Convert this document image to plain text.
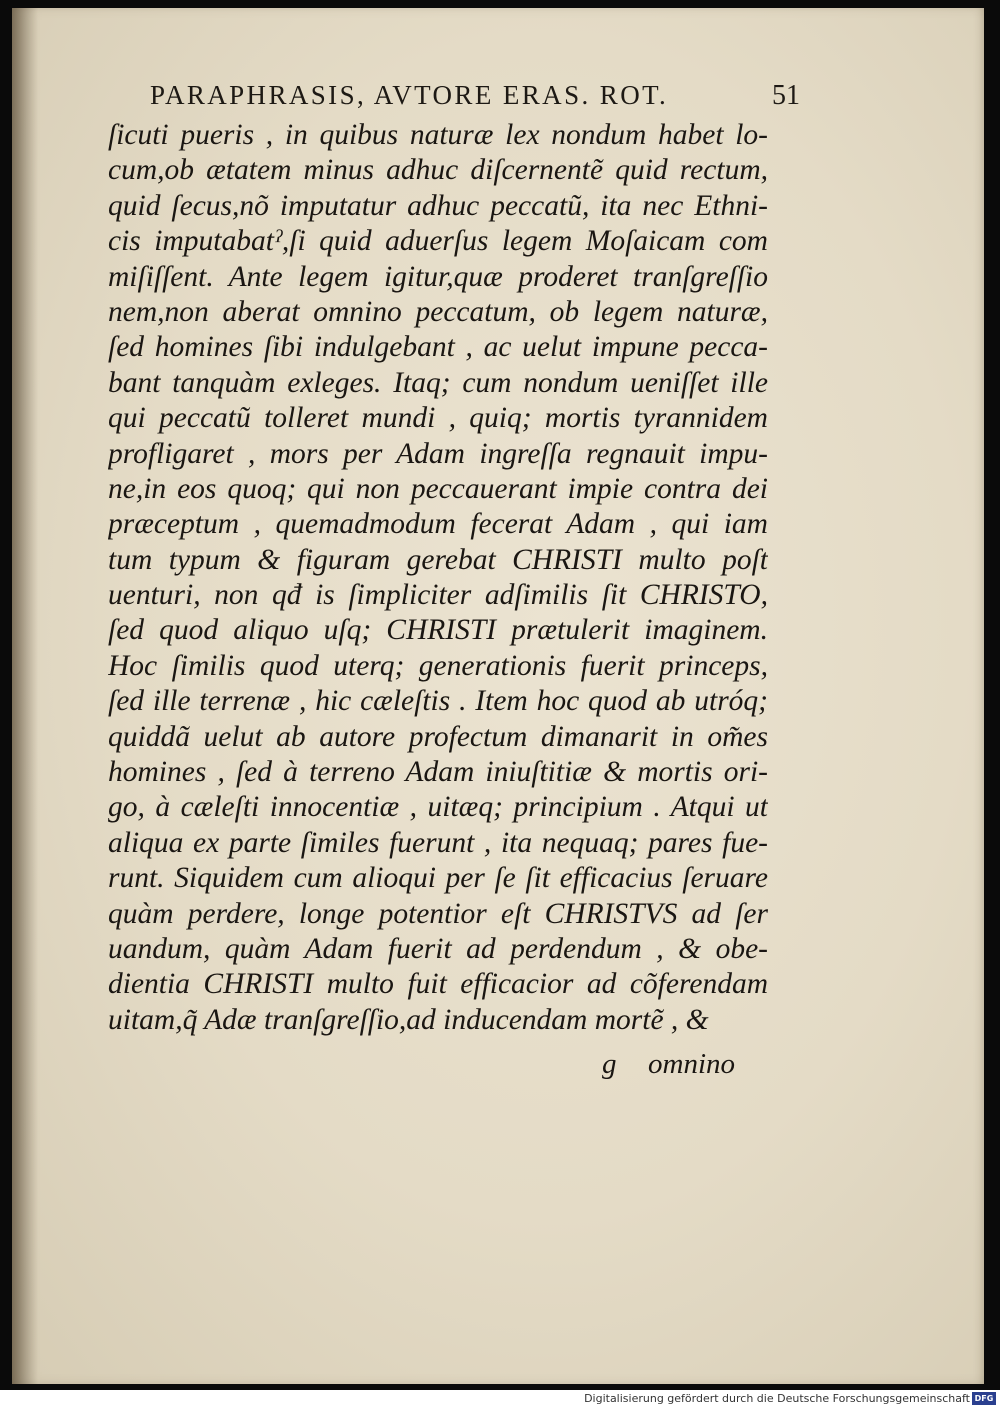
PARAPHRASIS, AVTORE ERAS. ROT.	51
ſicuti pueris , in quibus naturæ lex nondum habet lo-
cum,ob ætatem minus adhuc diſcernentẽ quid rectum,
quid ſecus,nõ imputatur adhuc peccatũ, ita nec Ethni-
cis imputabatˀ,ſi quid aduerſus legem Moſaicam com
miſiſſent. Ante legem igitur,quæ proderet tranſgreſſio
nem,non aberat omnino peccatum, ob legem naturæ,
ſed homines ſibi indulgebant , ac uelut impune pecca-
bant tanquàm exleges. Itaq; cum nondum ueniſſet ille
qui peccatũ tolleret mundi , quiq; mortis tyrannidem
profligaret , mors per Adam ingreſſa regnauit impu-
ne,in eos quoq; qui non peccauerant impie contra dei
præceptum , quemadmodum fecerat Adam , qui iam
tum typum & figuram gerebat CHRISTI multo poſt
uenturi, non qđ is ſimpliciter adſimilis ſit CHRISTO,
ſed quod aliquo uſq; CHRISTI prætulerit imaginem.
Hoc ſimilis quod uterq; generationis fuerit princeps,
ſed ille terrenæ , hic cæleſtis . Item hoc quod ab utróq;
quiddã uelut ab autore profectum dimanarit in om̃es
homines , ſed à terreno Adam iniuſtitiæ & mortis ori-
go, à cæleſti innocentiæ , uitæq; principium . Atqui ut
aliqua ex parte ſimiles fuerunt , ita nequaq; pares fue-
runt. Siquidem cum alioqui per ſe ſit efficacius ſeruare
quàm perdere, longe potentior eſt CHRISTVS ad ſer
uandum, quàm Adam fuerit ad perdendum , & obe-
dientia CHRISTI multo fuit efficacior ad cõferendam
uitam,q̃ Adæ tranſgreſſio,ad inducendam mortẽ , &
g omnino
Digitalisierung gefördert durch die Deutsche Forschungsgemeinschaft DFG
